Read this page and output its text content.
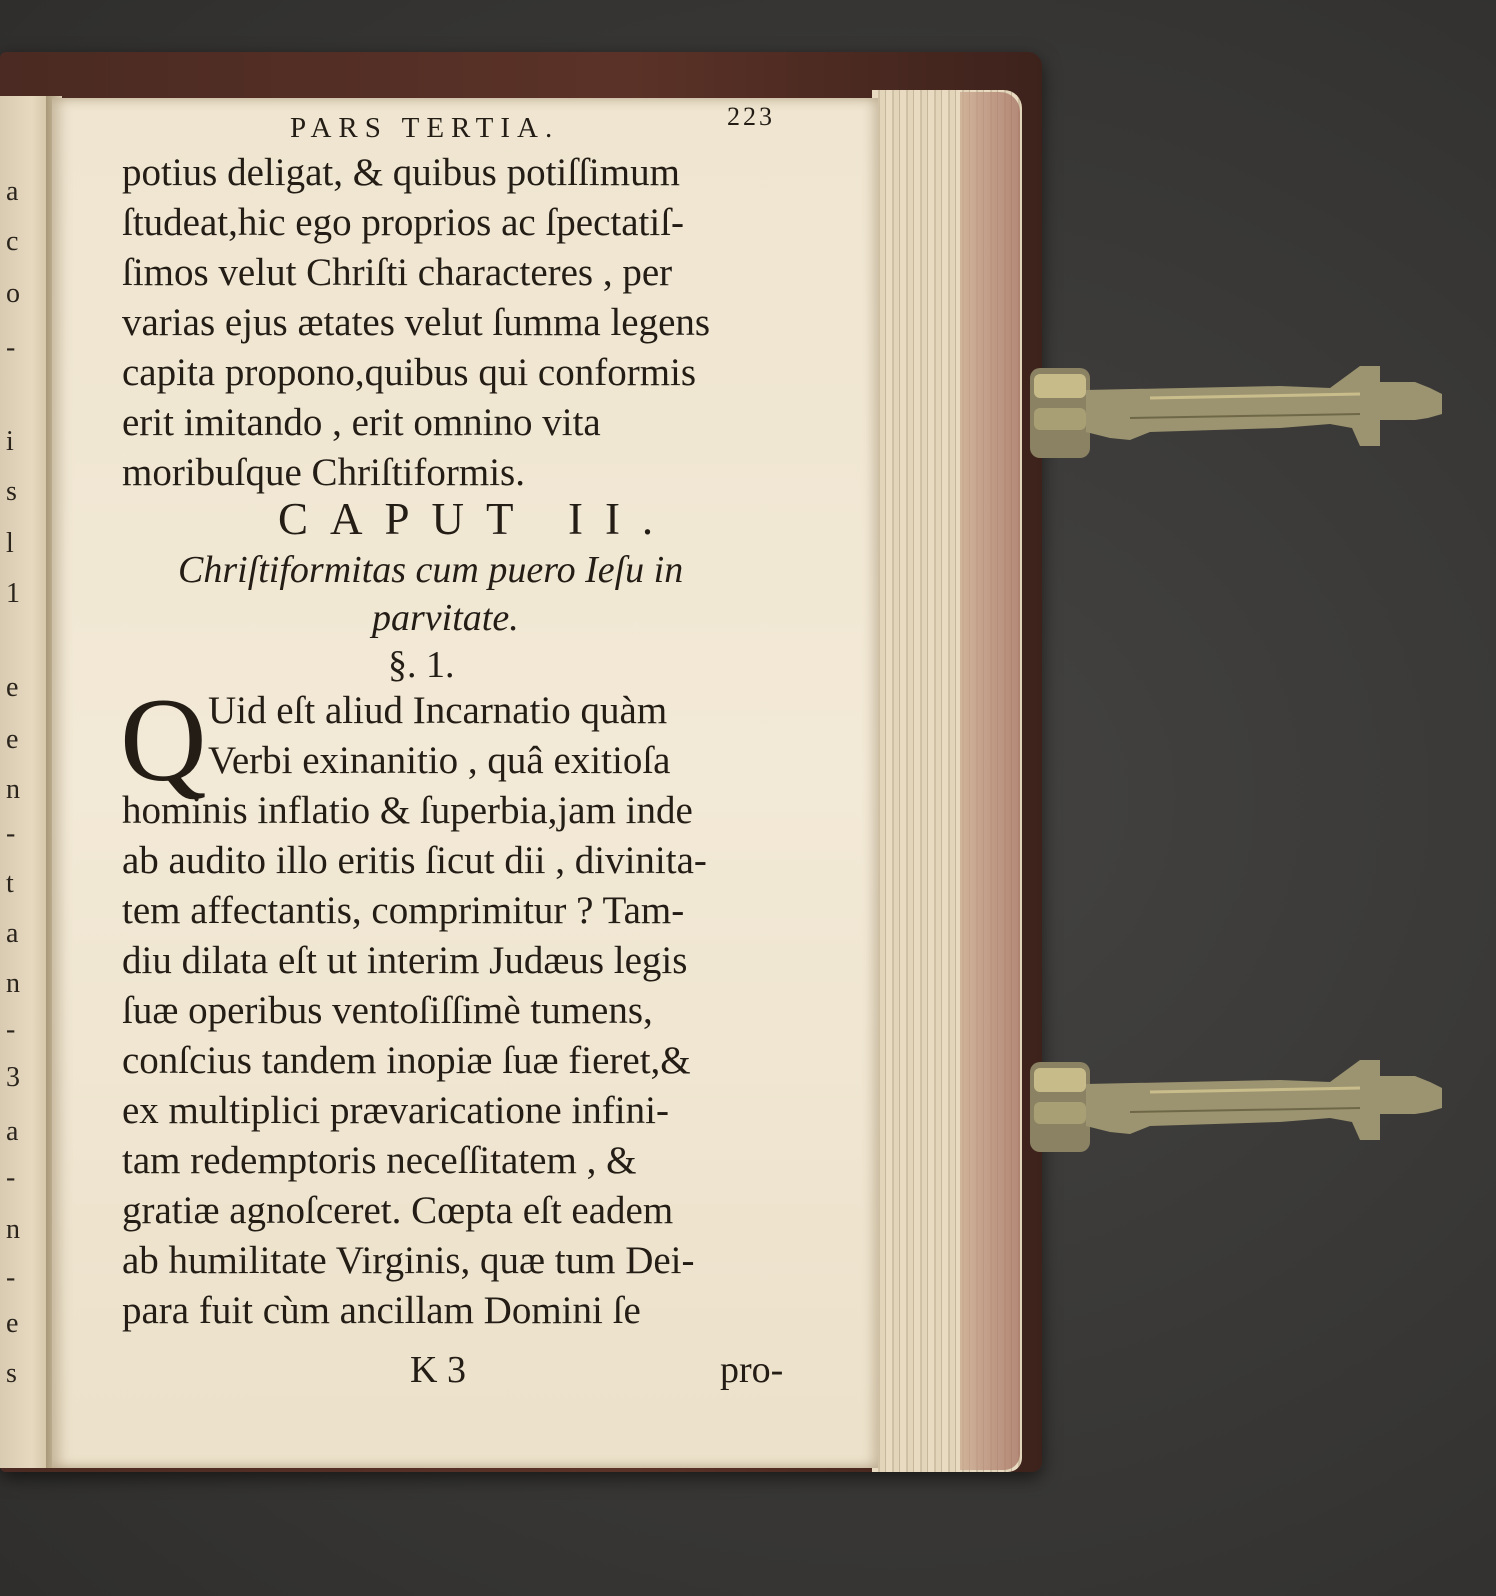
a
c
o
-
i
s
l
1
e
e
n
-
t
a
n
-
3
a
-
n
-
e
s
PARS TERTIA.	223
potius deligat, & quibus potiſſimum
ſtudeat,hic ego proprios ac ſpectatiſ-
ſimos velut Chriſti characteres , per
varias ejus ætates velut ſumma legens
capita propono,quibus qui conformis
erit imitando , erit omnino vita
moribuſque Chriſtiformis.
CAPUT II.
Chriſtiformitas cum puero Ieſu in
parvitate.
§. 1.
Q Uid eſt aliud Incarnatio quàm
Verbi exinanitio , quâ exitioſa
hominis inflatio & ſuperbia,jam inde
ab audito illo eritis ſicut dii , divinita-
tem affectantis, comprimitur ? Tam-
diu dilata eſt ut interim Judæus legis
ſuæ operibus ventoſiſſimè tumens,
conſcius tandem inopiæ ſuæ fieret,&
ex multiplici prævaricatione infini-
tam redemptoris neceſſitatem , &
gratiæ agnoſceret. Cœpta eſt eadem
ab humilitate Virginis, quæ tum Dei-
para fuit cùm ancillam Domini ſe
K 3	pro-
